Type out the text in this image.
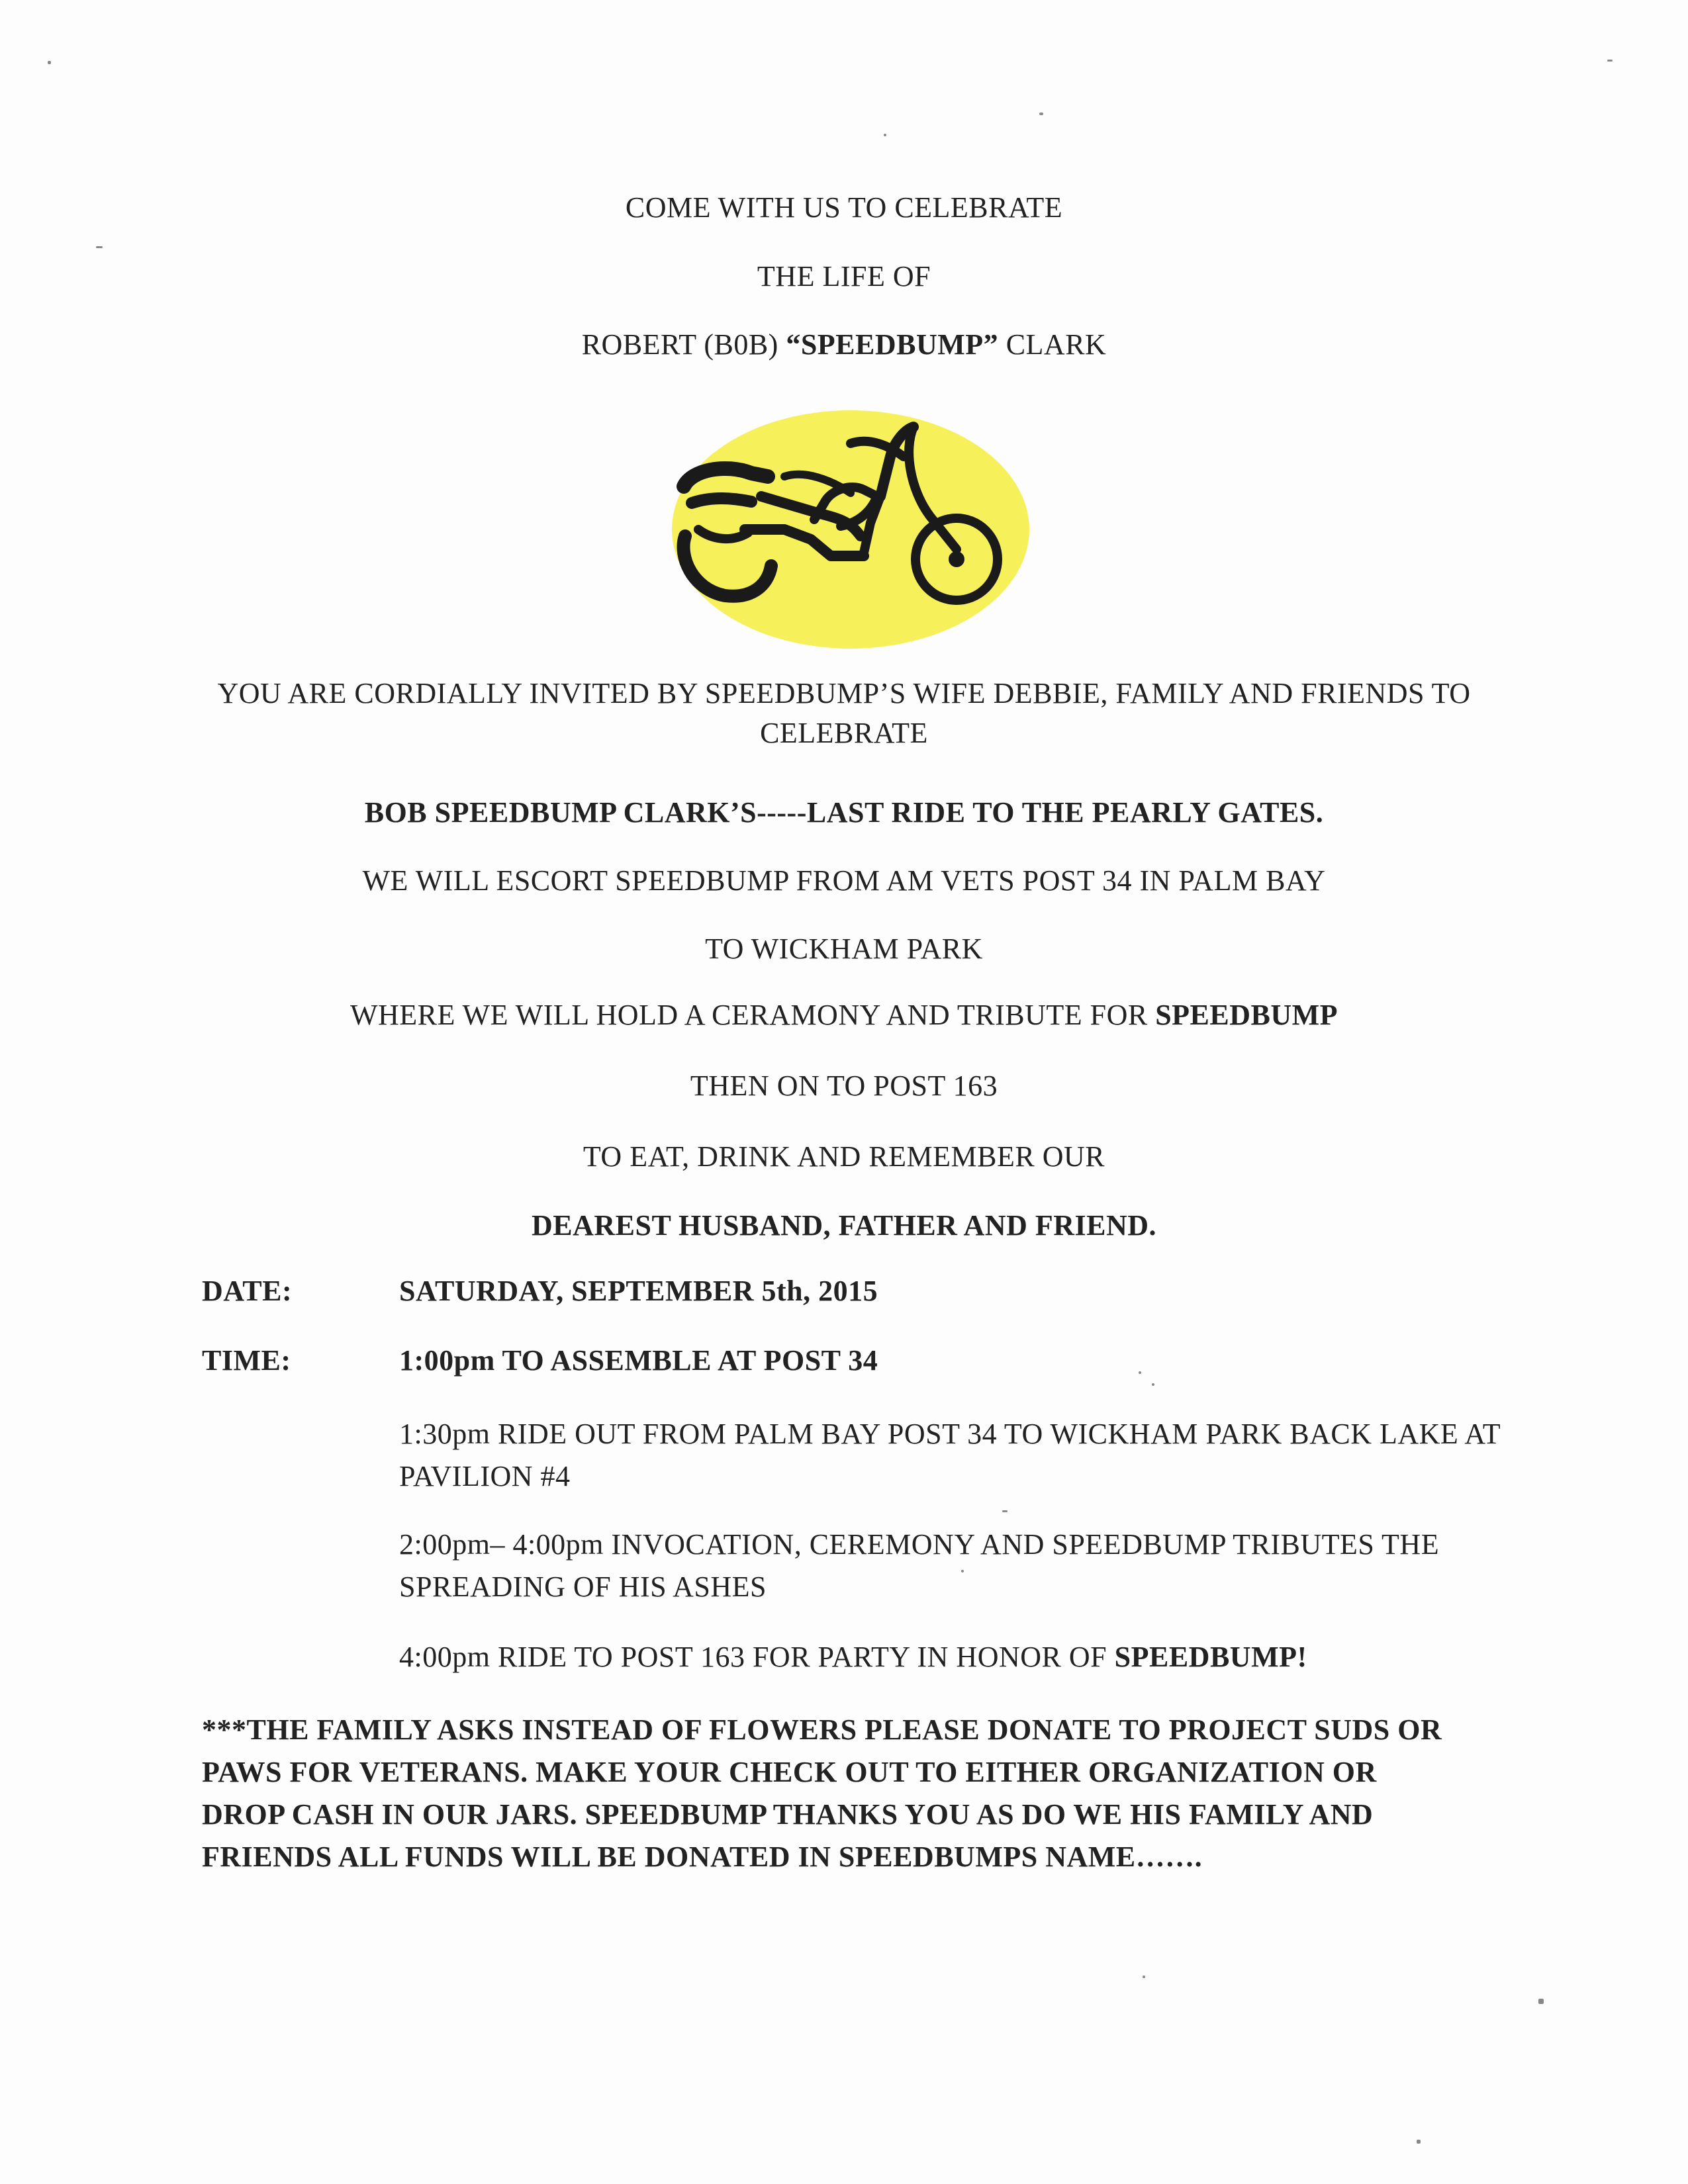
COME WITH US TO CELEBRATE
THE LIFE OF
ROBERT (B0B) “SPEEDBUMP” CLARK
YOU ARE CORDIALLY INVITED BY SPEEDBUMP’S WIFE DEBBIE, FAMILY AND FRIENDS TO CELEBRATE
BOB SPEEDBUMP CLARK’S-----LAST RIDE TO THE PEARLY GATES.
WE WILL ESCORT SPEEDBUMP FROM AM VETS POST 34 IN PALM BAY
TO WICKHAM PARK
WHERE WE WILL HOLD A CERAMONY AND TRIBUTE FOR SPEEDBUMP
THEN ON TO POST 163
TO EAT, DRINK AND REMEMBER OUR
DEAREST HUSBAND, FATHER AND FRIEND.
DATE:	SATURDAY, SEPTEMBER 5th, 2015
TIME:	1:00pm TO ASSEMBLE AT POST 34
1:30pm RIDE OUT FROM PALM BAY POST 34 TO WICKHAM PARK BACK LAKE AT PAVILION #4
2:00pm– 4:00pm INVOCATION, CEREMONY AND SPEEDBUMP TRIBUTES THE SPREADING OF HIS ASHES
4:00pm RIDE TO POST 163 FOR PARTY IN HONOR OF SPEEDBUMP!
***THE FAMILY ASKS INSTEAD OF FLOWERS PLEASE DONATE TO PROJECT SUDS OR PAWS FOR VETERANS. MAKE YOUR CHECK OUT TO EITHER ORGANIZATION OR DROP CASH IN OUR JARS. SPEEDBUMP THANKS YOU AS DO WE HIS FAMILY AND FRIENDS ALL FUNDS WILL BE DONATED IN SPEEDBUMPS NAME…….
